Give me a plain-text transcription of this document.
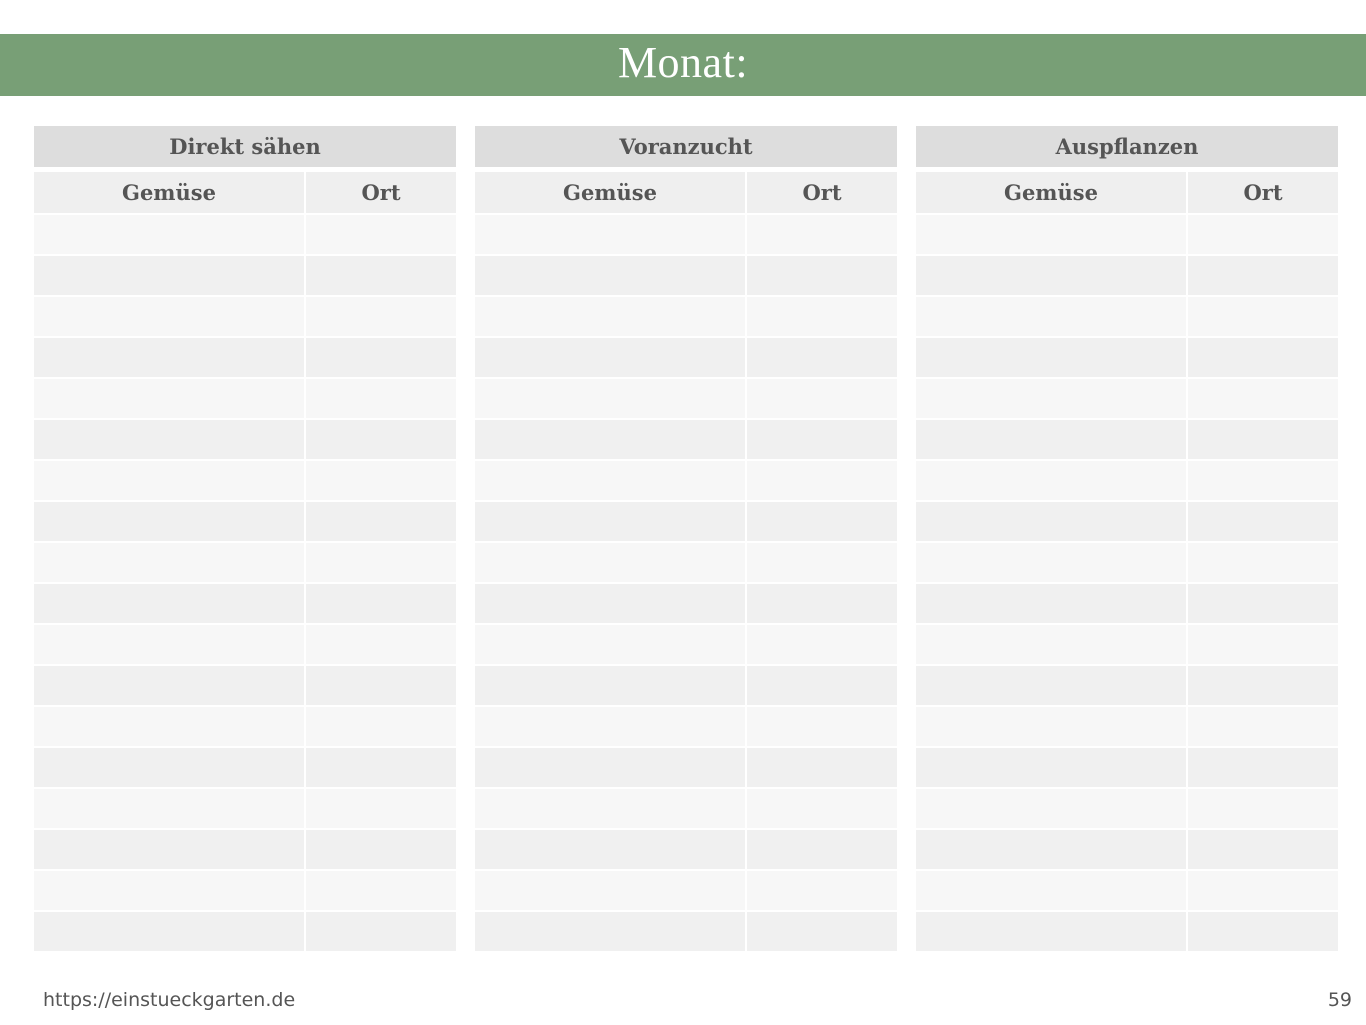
Monat:
Direkt sähen
Gemüse	Ort
Voranzucht
Gemüse	Ort
Auspflanzen
Gemüse	Ort
https://einstueckgarten.de	59
